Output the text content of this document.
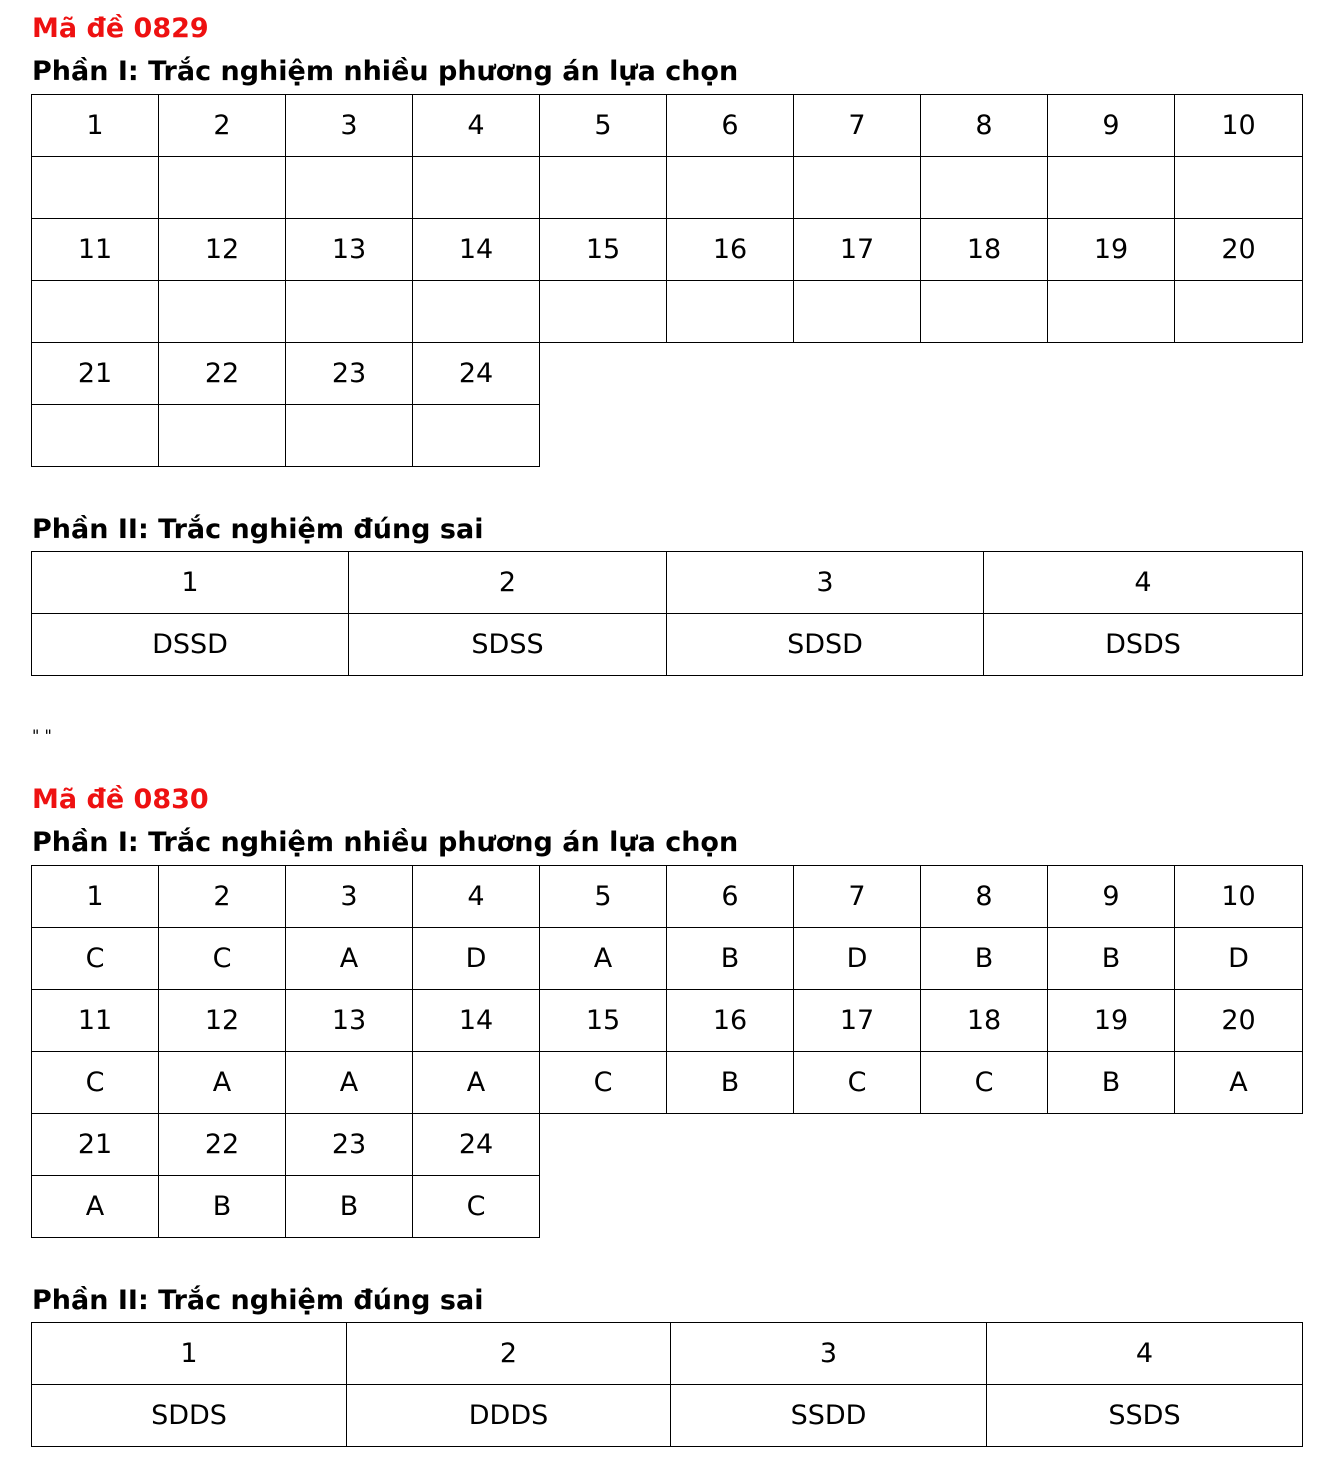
Mã đề 0829
Phần I: Trắc nghiệm nhiều phương án lựa chọn
1	2	3	4	5	6	7	8	9	10

11	12	13	14	15	16	17	18	19	20

21	22	23	24						

Phần II: Trắc nghiệm đúng sai
1	2	3	4
DSSD	SDSS	SDSD	DSDS

" "

Mã đề 0830
Phần I: Trắc nghiệm nhiều phương án lựa chọn
1	2	3	4	5	6	7	8	9	10
C	C	A	D	A	B	D	B	B	D
11	12	13	14	15	16	17	18	19	20
C	A	A	A	C	B	C	C	B	A
21	22	23	24						
A	B	B	C						
Phần II: Trắc nghiệm đúng sai
1	2	3	4
SDDS	DDDS	SSDD	SSDS
